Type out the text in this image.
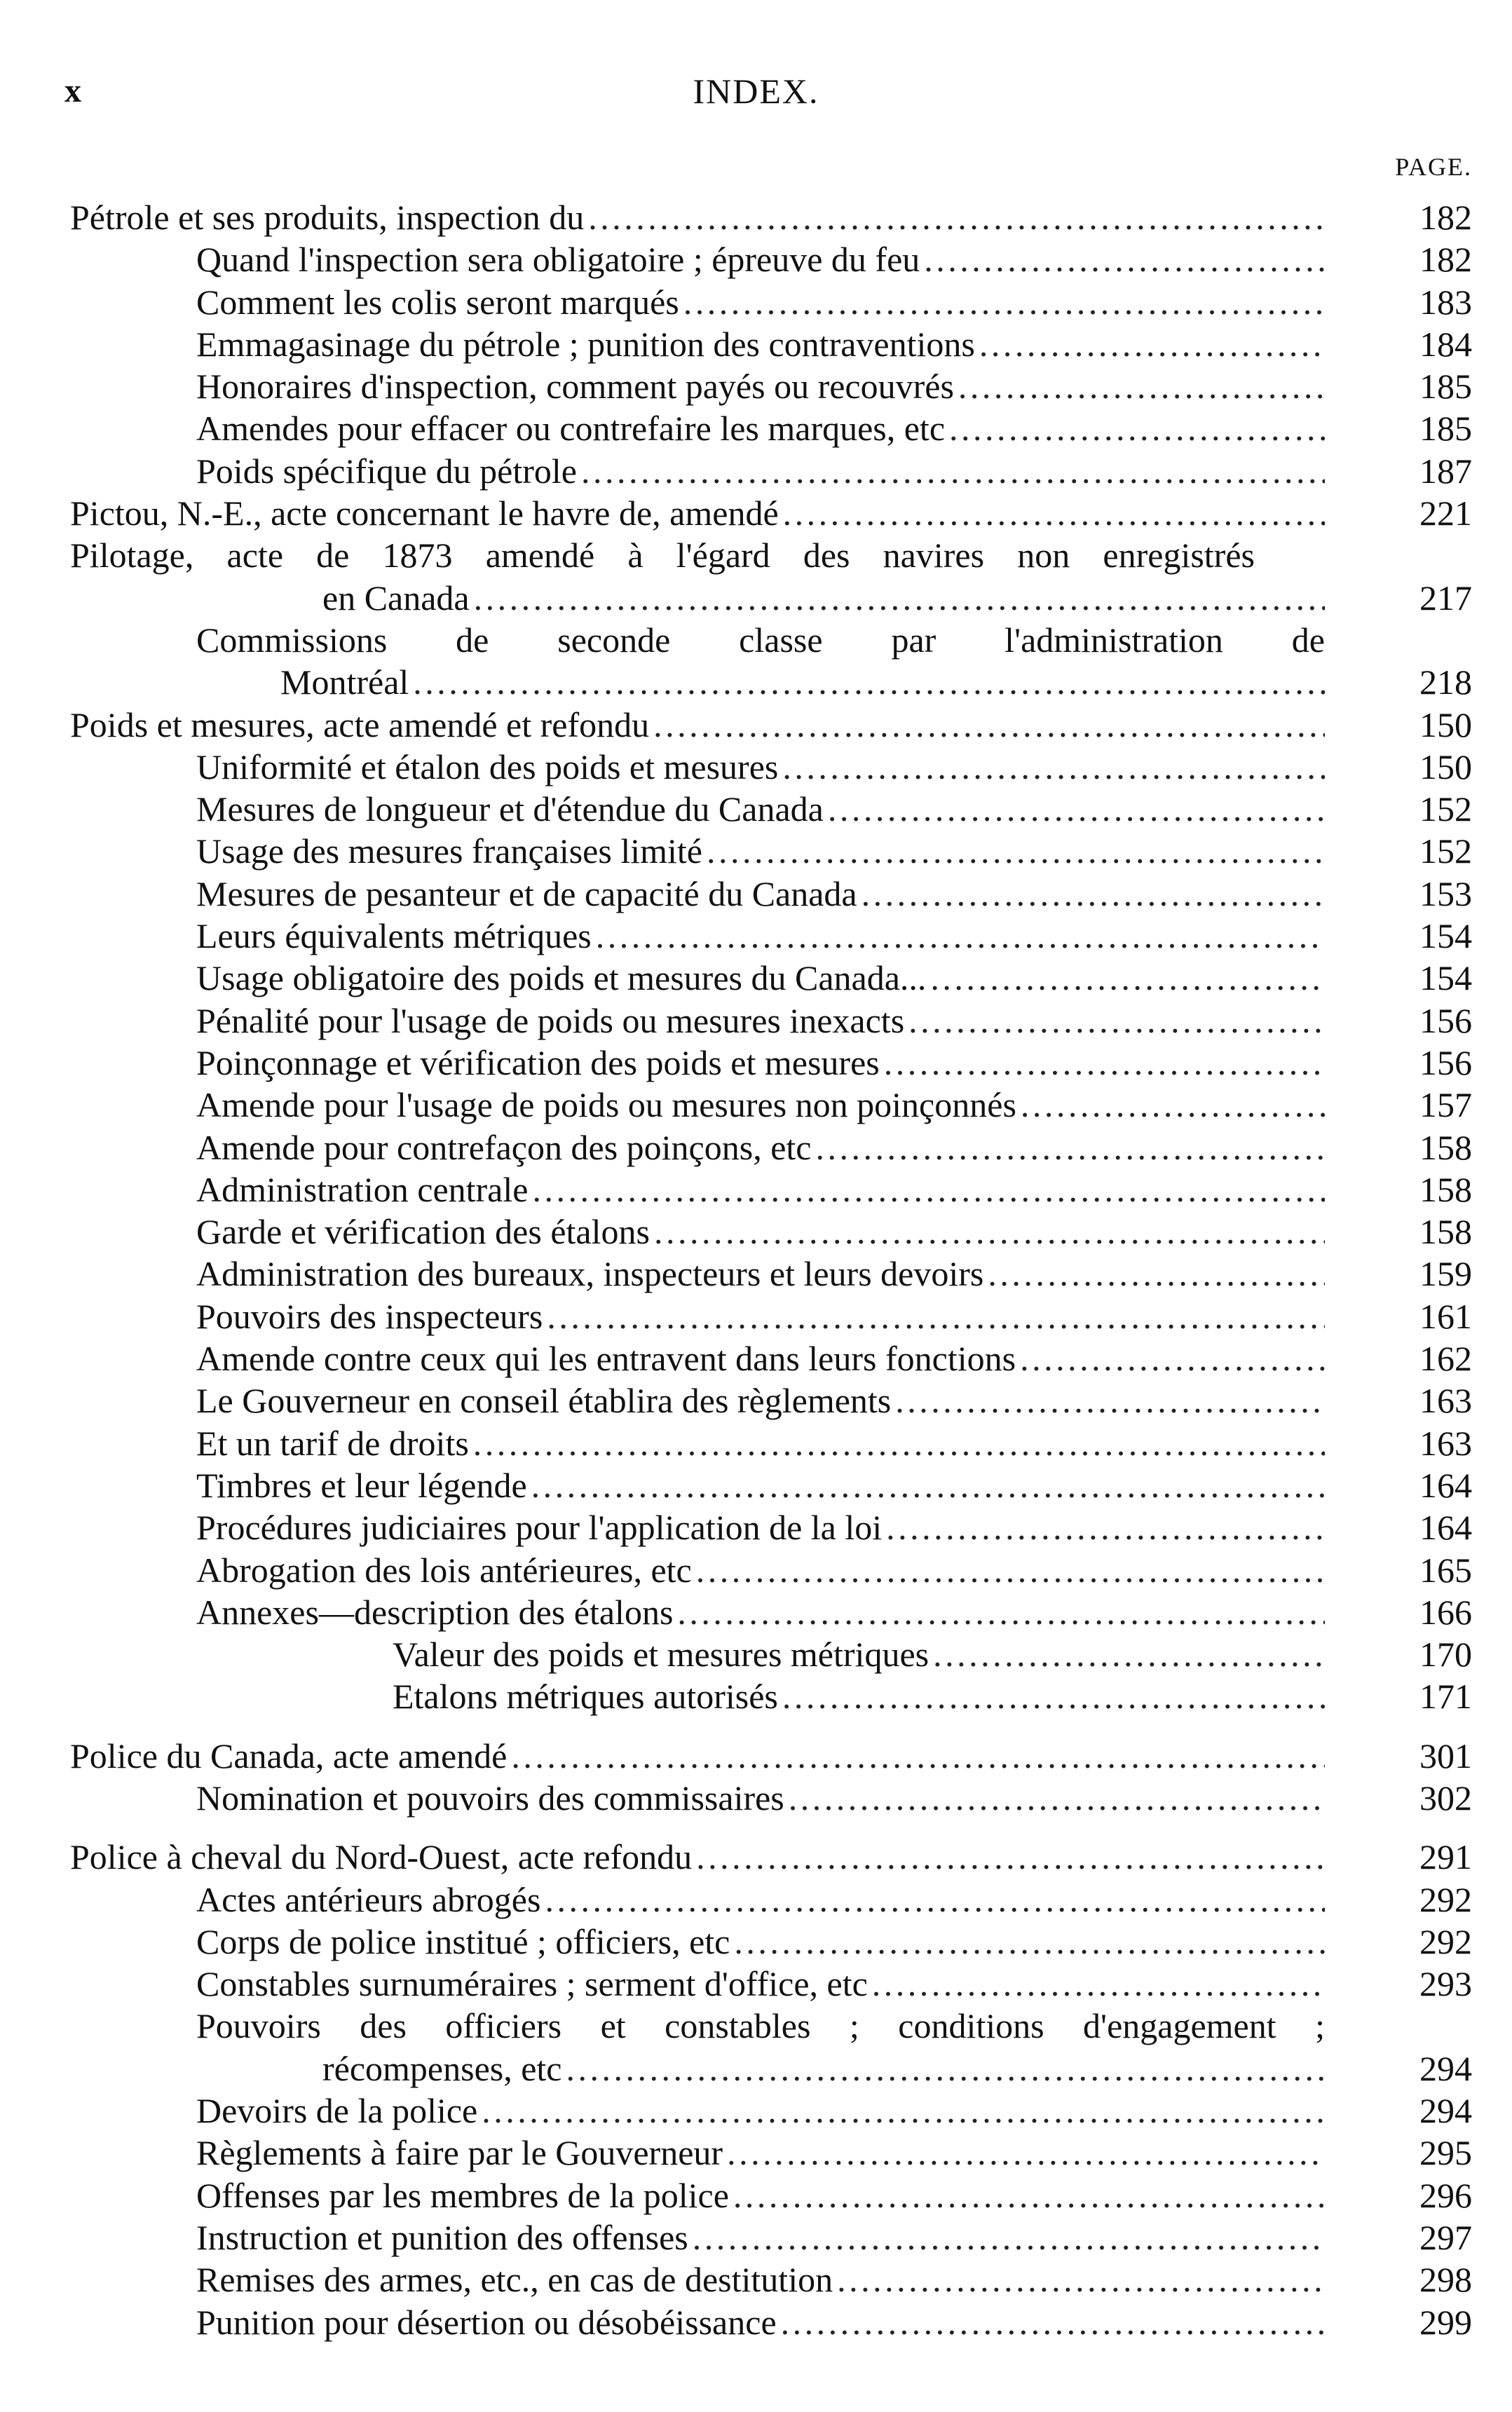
x	INDEX.
PAGE.
Pétrole et ses produits, inspection du . . .	182
Quand l'inspection sera obligatoire ; épreuve du feu . . .	182
Comment les colis seront marqués . . .	183
Emmagasinage du pétrole ; punition des contraventions . . .	184
Honoraires d'inspection, comment payés ou recouvrés . . .	185
Amendes pour effacer ou contrefaire les marques, etc . . .	185
Poids spécifique du pétrole . . .	187
Pictou, N.-E., acte concernant le havre de, amendé . . .	221
Pilotage, acte de 1873 amendé à l'égard des navires non enregistrés
en Canada . . .	217
Commissions de seconde classe par l'administration de
Montréal . . .	218
Poids et mesures, acte amendé et refondu . . .	150
Uniformité et étalon des poids et mesures . . .	150
Mesures de longueur et d'étendue du Canada . . .	152
Usage des mesures françaises limité . . .	152
Mesures de pesanteur et de capacité du Canada . . .	153
Leurs équivalents métriques . . .	154
Usage obligatoire des poids et mesures du Canada... . . .	154
Pénalité pour l'usage de poids ou mesures inexacts . . .	156
Poinçonnage et vérification des poids et mesures . . .	156
Amende pour l'usage de poids ou mesures non poinçonnés . . .	157
Amende pour contrefaçon des poinçons, etc . . .	158
Administration centrale . . .	158
Garde et vérification des étalons . . .	158
Administration des bureaux, inspecteurs et leurs devoirs . . .	159
Pouvoirs des inspecteurs . . .	161
Amende contre ceux qui les entravent dans leurs fonctions . . .	162
Le Gouverneur en conseil établira des règlements . . .	163
Et un tarif de droits . . .	163
Timbres et leur légende . . .	164
Procédures judiciaires pour l'application de la loi . . .	164
Abrogation des lois antérieures, etc . . .	165
Annexes—description des étalons . . .	166
Valeur des poids et mesures métriques . . .	170
Etalons métriques autorisés . . .	171
Police du Canada, acte amendé . . .	301
Nomination et pouvoirs des commissaires . . .	302
Police à cheval du Nord-Ouest, acte refondu . . .	291
Actes antérieurs abrogés . . .	292
Corps de police institué ; officiers, etc . . .	292
Constables surnuméraires ; serment d'office, etc . . .	293
Pouvoirs des officiers et constables ; conditions d'engagement ;
récompenses, etc . . .	294
Devoirs de la police . . .	294
Règlements à faire par le Gouverneur . . .	295
Offenses par les membres de la police . . .	296
Instruction et punition des offenses . . .	297
Remises des armes, etc., en cas de destitution . . .	298
Punition pour désertion ou désobéissance . . .	299
